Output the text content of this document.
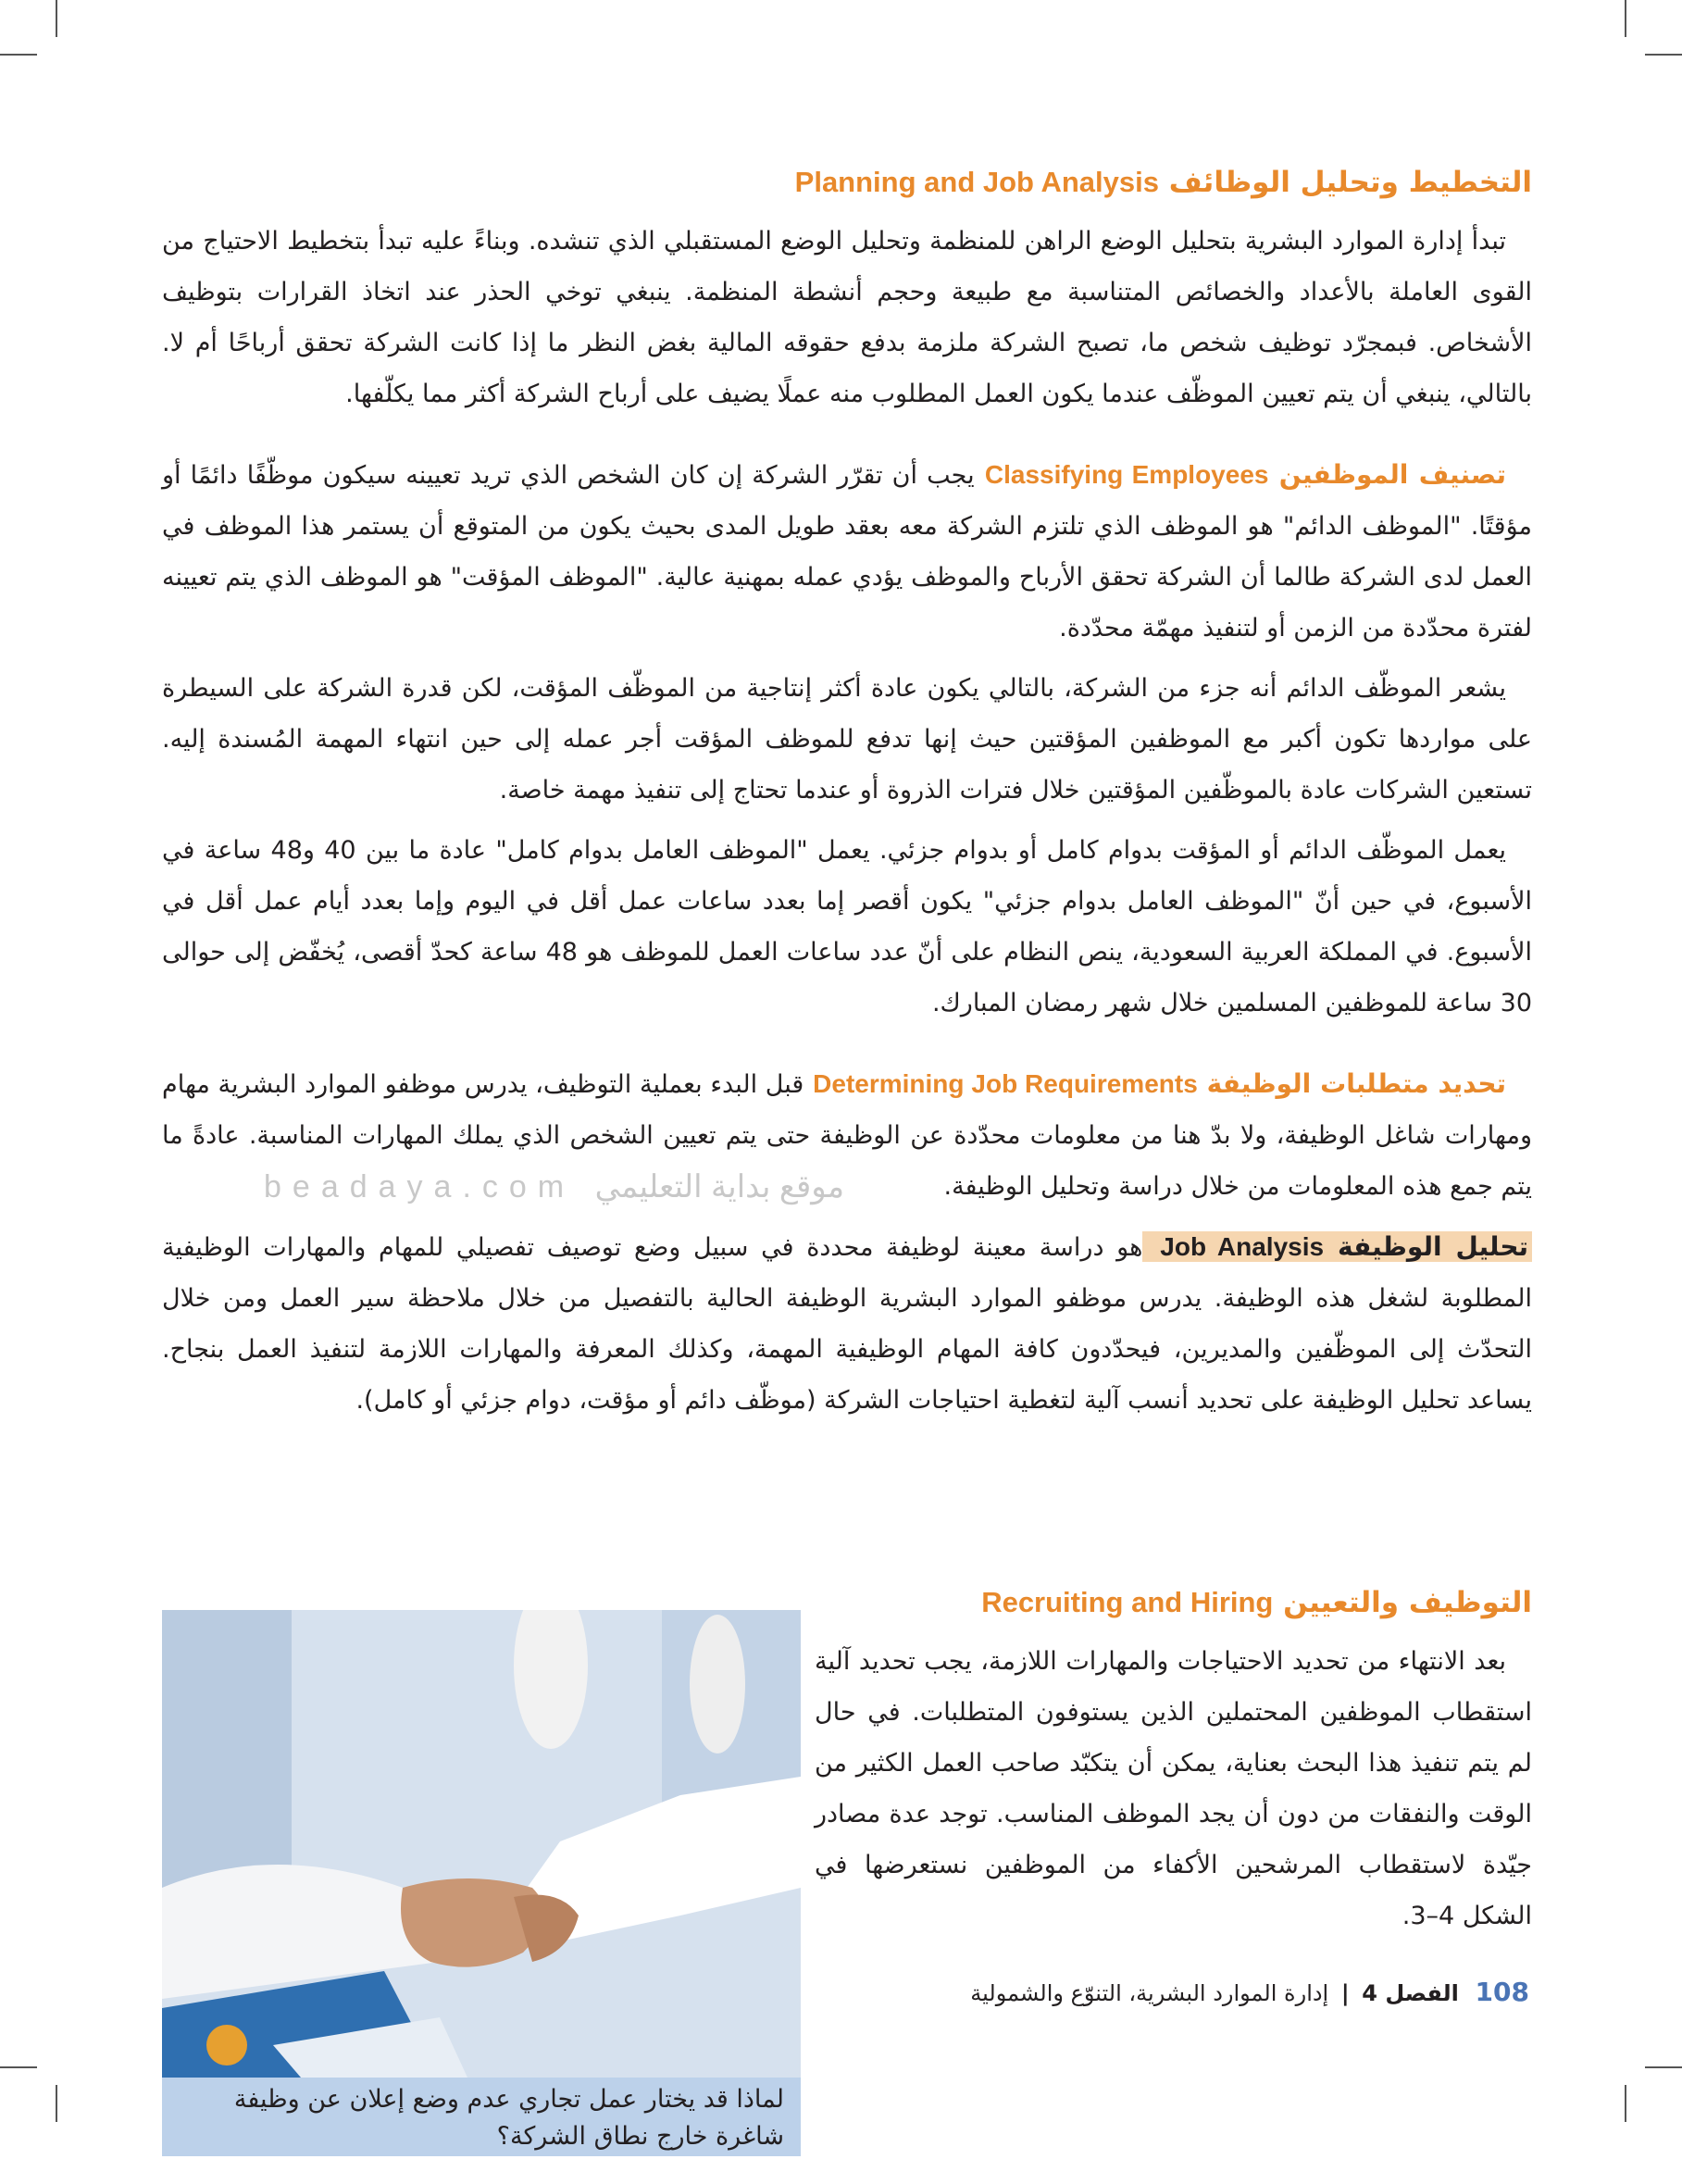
beadaya.com موقع بداية التعليمي
التخطيط وتحليل الوظائف Planning and Job Analysis

تبدأ إدارة الموارد البشرية بتحليل الوضع الراهن للمنظمة وتحليل الوضع المستقبلي الذي تنشده. وبناءً عليه تبدأ بتخطيط الاحتياج من القوى العاملة بالأعداد والخصائص المتناسبة مع طبيعة وحجم أنشطة المنظمة. ينبغي توخي الحذر عند اتخاذ القرارات بتوظيف الأشخاص. فبمجرّد توظيف شخص ما، تصبح الشركة ملزمة بدفع حقوقه المالية بغض النظر ما إذا كانت الشركة تحقق أرباحًا أم لا. بالتالي، ينبغي أن يتم تعيين الموظّف عندما يكون العمل المطلوب منه عملًا يضيف على أرباح الشركة أكثر مما يكلّفها.

تصنيف الموظفين Classifying Employees يجب أن تقرّر الشركة إن كان الشخص الذي تريد تعيينه سيكون موظّفًا دائمًا أو مؤقتًا. "الموظف الدائم" هو الموظف الذي تلتزم الشركة معه بعقد طويل المدى بحيث يكون من المتوقع أن يستمر هذا الموظف في العمل لدى الشركة طالما أن الشركة تحقق الأرباح والموظف يؤدي عمله بمهنية عالية. "الموظف المؤقت" هو الموظف الذي يتم تعيينه لفترة محدّدة من الزمن أو لتنفيذ مهمّة محدّدة.

يشعر الموظّف الدائم أنه جزء من الشركة، بالتالي يكون عادة أكثر إنتاجية من الموظّف المؤقت، لكن قدرة الشركة على السيطرة على مواردها تكون أكبر مع الموظفين المؤقتين حيث إنها تدفع للموظف المؤقت أجر عمله إلى حين انتهاء المهمة المُسندة إليه. تستعين الشركات عادة بالموظّفين المؤقتين خلال فترات الذروة أو عندما تحتاج إلى تنفيذ مهمة خاصة.

يعمل الموظّف الدائم أو المؤقت بدوام كامل أو بدوام جزئي. يعمل "الموظف العامل بدوام كامل" عادة ما بين 40 و48 ساعة في الأسبوع، في حين أنّ "الموظف العامل بدوام جزئي" يكون أقصر إما بعدد ساعات عمل أقل في اليوم وإما بعدد أيام عمل أقل في الأسبوع. في المملكة العربية السعودية، ينص النظام على أنّ عدد ساعات العمل للموظف هو 48 ساعة كحدّ أقصى، يُخفّض إلى حوالى 30 ساعة للموظفين المسلمين خلال شهر رمضان المبارك.

تحديد متطلبات الوظيفة Determining Job Requirements قبل البدء بعملية التوظيف، يدرس موظفو الموارد البشرية مهام ومهارات شاغل الوظيفة، ولا بدّ هنا من معلومات محدّدة عن الوظيفة حتى يتم تعيين الشخص الذي يملك المهارات المناسبة. عادةً ما يتم جمع هذه المعلومات من خلال دراسة وتحليل الوظيفة.

تحليل الوظيفة Job Analysis هو دراسة معينة لوظيفة محددة في سبيل وضع توصيف تفصيلي للمهام والمهارات الوظيفية المطلوبة لشغل هذه الوظيفة. يدرس موظفو الموارد البشرية الوظيفة الحالية بالتفصيل من خلال ملاحظة سير العمل ومن خلال التحدّث إلى الموظّفين والمديرين، فيحدّدون كافة المهام الوظيفية المهمة، وكذلك المعرفة والمهارات اللازمة لتنفيذ العمل بنجاح. يساعد تحليل الوظيفة على تحديد أنسب آلية لتغطية احتياجات الشركة (موظّف دائم أو مؤقت، دوام جزئي أو كامل).

التوظيف والتعيين Recruiting and Hiring

بعد الانتهاء من تحديد الاحتياجات والمهارات اللازمة، يجب تحديد آلية استقطاب الموظفين المحتملين الذين يستوفون المتطلبات. في حال لم يتم تنفيذ هذا البحث بعناية، يمكن أن يتكبّد صاحب العمل الكثير من الوقت والنفقات من دون أن يجد الموظف المناسب. توجد عدة مصادر جيّدة لاستقطاب المرشحين الأكفاء من الموظفين نستعرضها في الشكل 4–3.

لماذا قد يختار عمل تجاري عدم وضع إعلان عن وظيفة شاغرة خارج نطاق الشركة؟
108 الفصل 4 | إدارة الموارد البشرية، التنوّع والشمولية
